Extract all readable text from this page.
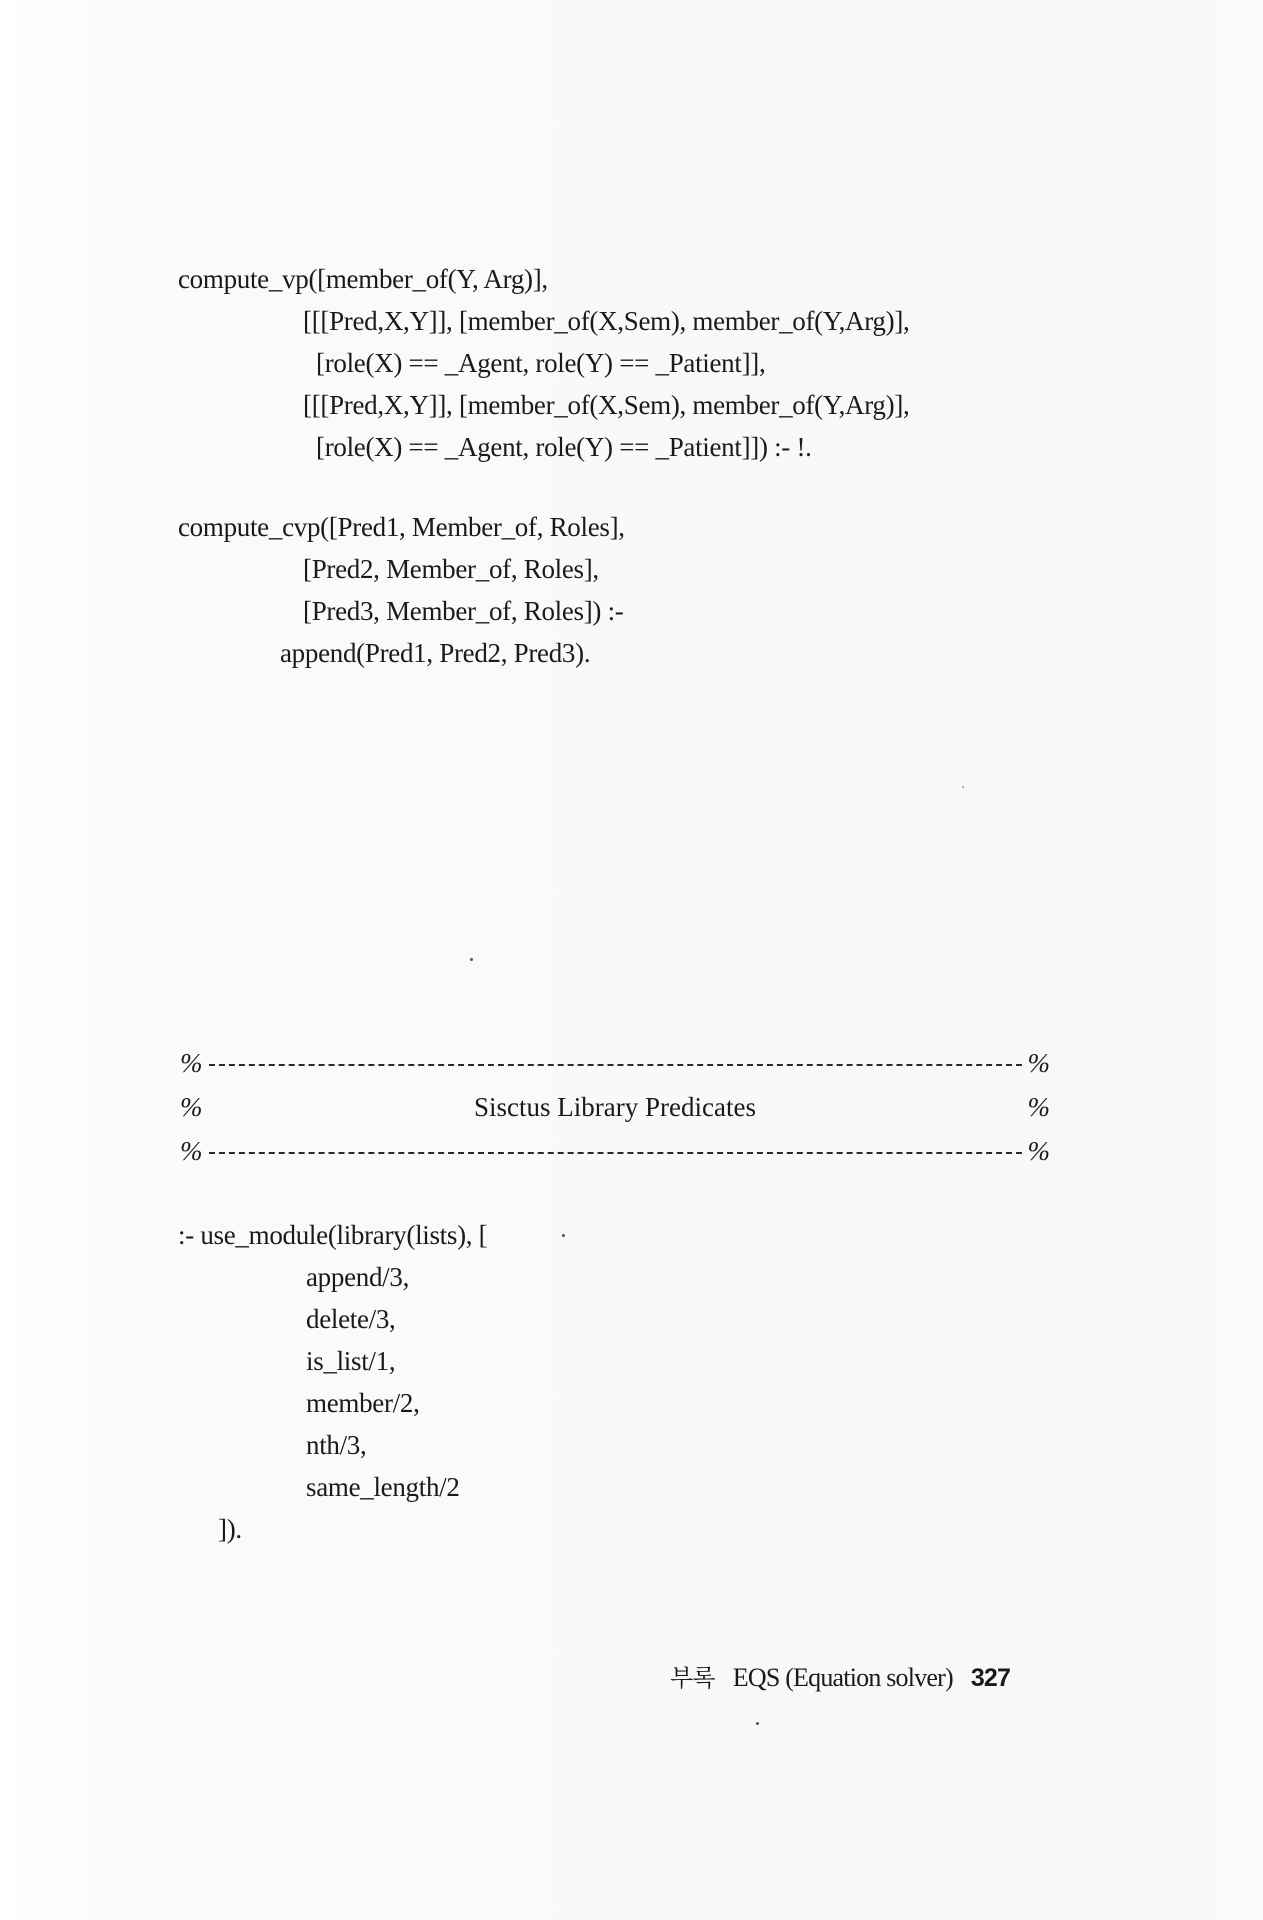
compute_vp([member_of(Y, Arg)],
[[[Pred,X,Y]], [member_of(X,Sem), member_of(Y,Arg)],
[role(X) == _Agent, role(Y) == _Patient]],
[[[Pred,X,Y]], [member_of(X,Sem), member_of(Y,Arg)],
[role(X) == _Agent, role(Y) == _Patient]]) :- !.
compute_cvp([Pred1, Member_of, Roles],
[Pred2, Member_of, Roles],
[Pred3, Member_of, Roles]) :-
append(Pred1, Pred2, Pred3).
%	%
%	Sisctus Library Predicates	%
%	%
:- use_module(library(lists), [
append/3,
delete/3,
is_list/1,
member/2,
nth/3,
same_length/2
]).
부록 EQS (Equation solver) 327
